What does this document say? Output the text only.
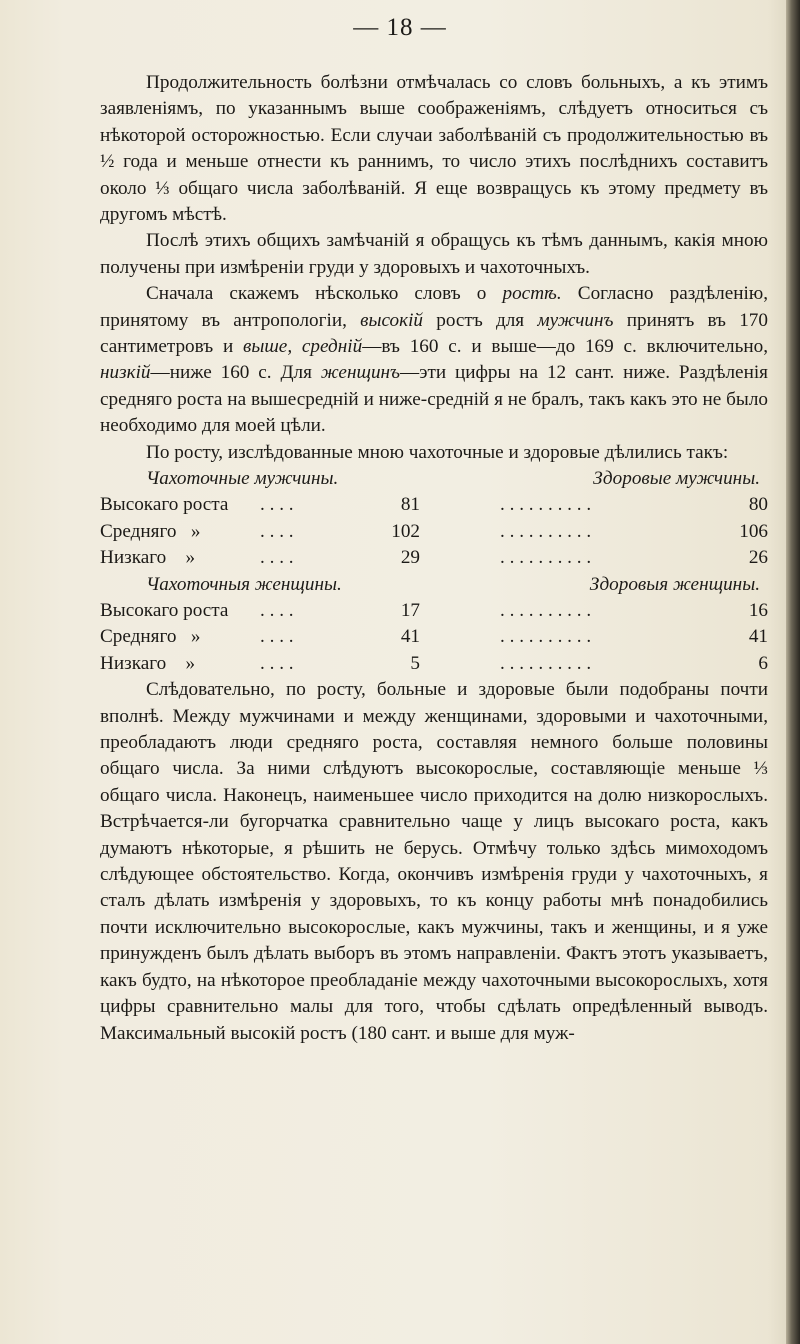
— 18 —

Продолжительность болѣзни отмѣчалась со словъ больныхъ, а къ этимъ заявленіямъ, по указаннымъ выше соображеніямъ, слѣдуетъ относиться съ нѣкоторой осторожностью. Если случаи заболѣваній съ продолжительностью въ ½ года и меньше отнести къ раннимъ, то число этихъ послѣднихъ составитъ около ⅓ общаго числа заболѣваній. Я еще возвращусь къ этому предмету въ другомъ мѣстѣ.

Послѣ этихъ общихъ замѣчаній я обращусь къ тѣмъ даннымъ, какія мною получены при измѣреніи груди у здоровыхъ и чахоточныхъ.

Сначала скажемъ нѣсколько словъ о ростѣ. Согласно раздѣленію, принятому въ антропологіи, высокій ростъ для мужчинъ принятъ въ 170 сантиметровъ и выше, средній—въ 160 с. и выше—до 169 с. включительно, низкій—ниже 160 с. Для женщинъ—эти цифры на 12 сант. ниже. Раздѣленія средняго роста на вышесредній и ниже-средній я не бралъ, такъ какъ это не было необходимо для моей цѣли.

По росту, изслѣдованные мною чахоточные и здоровые дѣлились такъ:

Чахоточные мужчины.	Здоровые мужчины.
Высокаго роста	. . . .	81	. . . . . . . . . .	80
Средняго »	. . . .	102	. . . . . . . . . .	106
Низкаго »	. . . .	29	. . . . . . . . . .	26
Чахоточныя женщины.	Здоровыя женщины.
Высокаго роста	. . . .	17	. . . . . . . . . .	16
Средняго »	. . . .	41	. . . . . . . . . .	41
Низкаго »	. . . .	5	. . . . . . . . . .	6

Слѣдовательно, по росту, больные и здоровые были подобраны почти вполнѣ. Между мужчинами и между женщинами, здоровыми и чахоточными, преобладаютъ люди средняго роста, составляя немного больше половины общаго числа. За ними слѣдуютъ высокорослые, составляющіе меньше ⅓ общаго числа. Наконецъ, наименьшее число приходится на долю низкорослыхъ. Встрѣчается-ли бугорчатка сравнительно чаще у лицъ высокаго роста, какъ думаютъ нѣкоторые, я рѣшить не берусь. Отмѣчу только здѣсь мимоходомъ слѣдующее обстоятельство. Когда, окончивъ измѣренія груди у чахоточныхъ, я сталъ дѣлать измѣренія у здоровыхъ, то къ концу работы мнѣ понадобились почти исключительно высокорослые, какъ мужчины, такъ и женщины, и я уже принужденъ былъ дѣлать выборъ въ этомъ направленіи. Фактъ этотъ указываетъ, какъ будто, на нѣкоторое преобладаніе между чахоточными высокорослыхъ, хотя цифры сравнительно малы для того, чтобы сдѣлать опредѣленный выводъ. Максимальный высокій ростъ (180 сант. и выше для муж-
